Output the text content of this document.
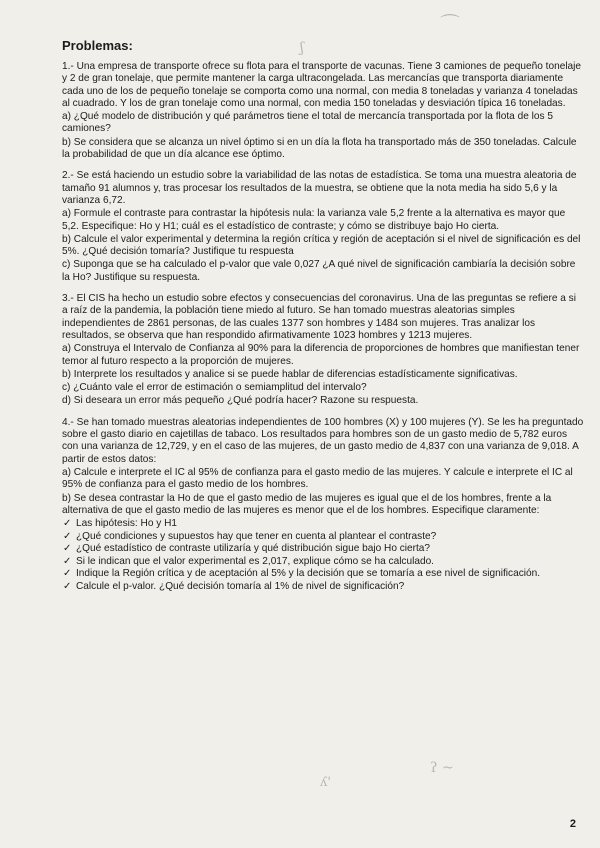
⌒
ʃ
ʔ ~
ʎ'
Problemas:

1.- Una empresa de transporte ofrece su flota para el transporte de vacunas. Tiene 3 camiones de pequeño tonelaje y 2 de gran tonelaje, que permite mantener la carga ultracongelada. Las mercancías que transporta diariamente cada uno de los de pequeño tonelaje se comporta como una normal, con media 8 toneladas y varianza 4 toneladas al cuadrado. Y los de gran tonelaje como una normal, con media 150 toneladas y desviación típica 16 toneladas.

a) ¿Qué modelo de distribución y qué parámetros tiene el total de mercancía transportada por la flota de los 5 camiones?

b) Se considera que se alcanza un nivel óptimo si en un día la flota ha transportado más de 350 toneladas. Calcule la probabilidad de que un día alcance ese óptimo.

2.- Se está haciendo un estudio sobre la variabilidad de las notas de estadística. Se toma una muestra aleatoria de tamaño 91 alumnos y, tras procesar los resultados de la muestra, se obtiene que la nota media ha sido 5,6 y la varianza 6,72.

a) Formule el contraste para contrastar la hipótesis nula: la varianza vale 5,2 frente a la alternativa es mayor que 5,2. Especifique: Ho y H1; cuál es el estadístico de contraste; y cómo se distribuye bajo Ho cierta.

b) Calcule el valor experimental y determina la región crítica y región de aceptación si el nivel de significación es del 5%. ¿Qué decisión tomaría? Justifique tu respuesta

c) Suponga que se ha calculado el p-valor que vale 0,027 ¿A qué nivel de significación cambiaría la decisión sobre la Ho? Justifique su respuesta.

3.- El CIS ha hecho un estudio sobre efectos y consecuencias del coronavirus. Una de las preguntas se refiere a si a raíz de la pandemia, la población tiene miedo al futuro. Se han tomado muestras aleatorias simples independientes de 2861 personas, de las cuales 1377 son hombres y 1484 son mujeres. Tras analizar los resultados, se observa que han respondido afirmativamente 1023 hombres y 1213 mujeres.

a) Construya el Intervalo de Confianza al 90% para la diferencia de proporciones de hombres que manifiestan tener temor al futuro respecto a la proporción de mujeres.

b) Interprete los resultados y analice si se puede hablar de diferencias estadísticamente significativas.

c) ¿Cuánto vale el error de estimación o semiamplitud del intervalo?

d) Si deseara un error más pequeño ¿Qué podría hacer? Razone su respuesta.

4.- Se han tomado muestras aleatorias independientes de 100 hombres (X) y 100 mujeres (Y). Se les ha preguntado sobre el gasto diario en cajetillas de tabaco. Los resultados para hombres son de un gasto medio de 5,782 euros con una varianza de 12,729, y en el caso de las mujeres, de un gasto medio de 4,837 con una varianza de 9,018. A partir de estos datos:

a) Calcule e interprete el IC al 95% de confianza para el gasto medio de las mujeres. Y calcule e interprete el IC al 95% de confianza para el gasto medio de los hombres.

b) Se desea contrastar la Ho de que el gasto medio de las mujeres es igual que el de los hombres, frente a la alternativa de que el gasto medio de las mujeres es menor que el de los hombres. Especifique claramente:

✓ Las hipótesis: Ho y H1
✓ ¿Qué condiciones y supuestos hay que tener en cuenta al plantear el contraste?
✓ ¿Qué estadístico de contraste utilizaría y qué distribución sigue bajo Ho cierta?
✓ Si le indican que el valor experimental es 2,017, explique cómo se ha calculado.
✓ Indique la Región crítica y de aceptación al 5% y la decisión que se tomaría a ese nivel de significación.
✓ Calcule el p-valor. ¿Qué decisión tomaría al 1% de nivel de significación?
2
